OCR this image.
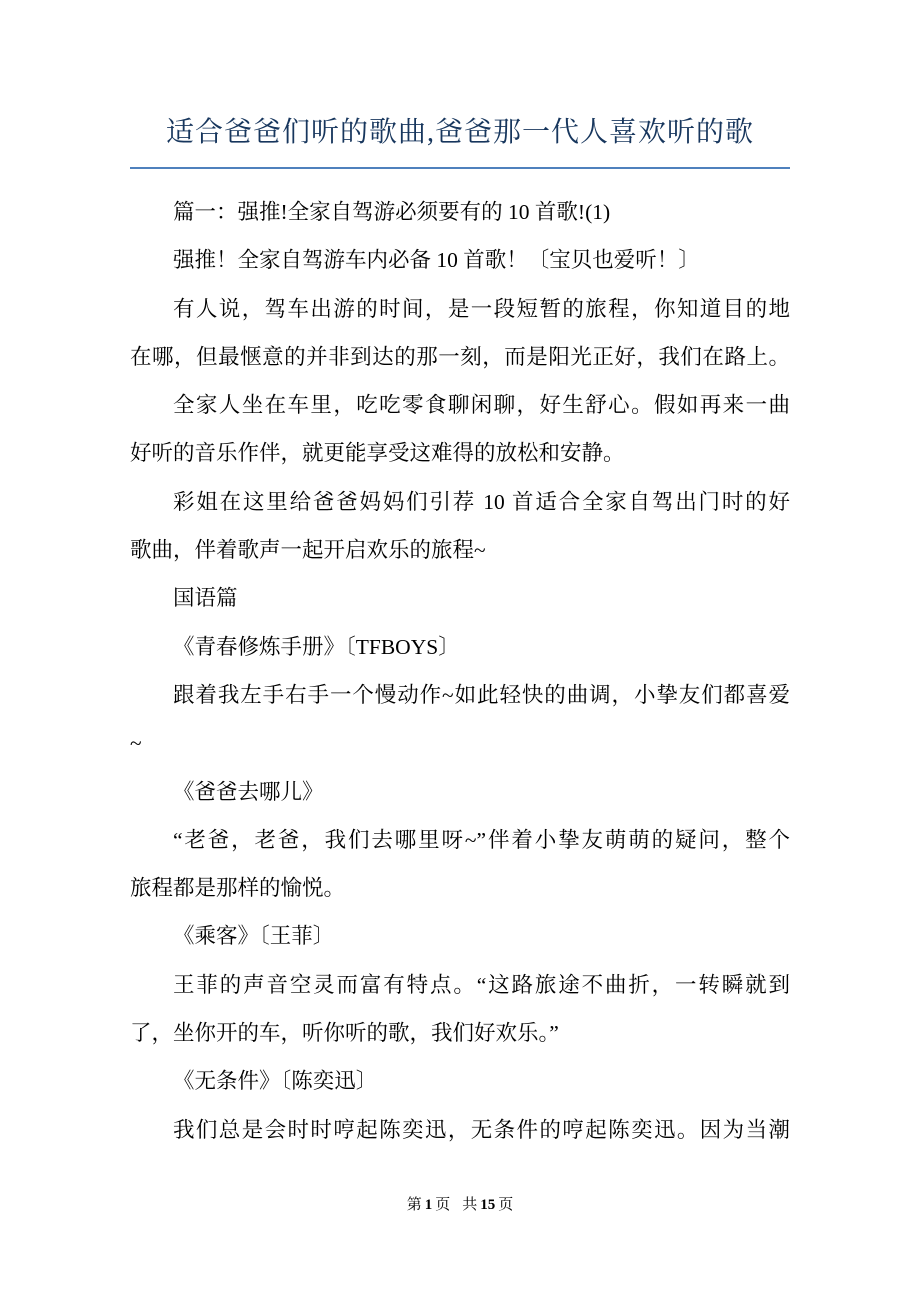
适合爸爸们听的歌曲,爸爸那一代人喜欢听的歌
篇一：强推!全家自驾游必须要有的 10 首歌!(1)
强推！全家自驾游车内必备 10 首歌！〔宝贝也爱听！〕
有人说，驾车出游的时间，是一段短暂的旅程，你知道目的地
在哪，但最惬意的并非到达的那一刻，而是阳光正好，我们在路上。
全家人坐在车里，吃吃零食聊闲聊，好生舒心。假如再来一曲
好听的音乐作伴，就更能享受这难得的放松和安静。
彩姐在这里给爸爸妈妈们引荐 10 首适合全家自驾出门时的好
歌曲，伴着歌声一起开启欢乐的旅程~
国语篇
《青春修炼手册》〔TFBOYS〕
跟着我左手右手一个慢动作~如此轻快的曲调，小挚友们都喜爱
~
《爸爸去哪儿》
“老爸，老爸，我们去哪里呀~”伴着小挚友萌萌的疑问，整个
旅程都是那样的愉悦。
《乘客》〔王菲〕
王菲的声音空灵而富有特点。“这路旅途不曲折，一转瞬就到
了，坐你开的车，听你听的歌，我们好欢乐。”
《无条件》〔陈奕迅〕
我们总是会时时哼起陈奕迅，无条件的哼起陈奕迅。因为当潮
第 1 页 共 15 页
